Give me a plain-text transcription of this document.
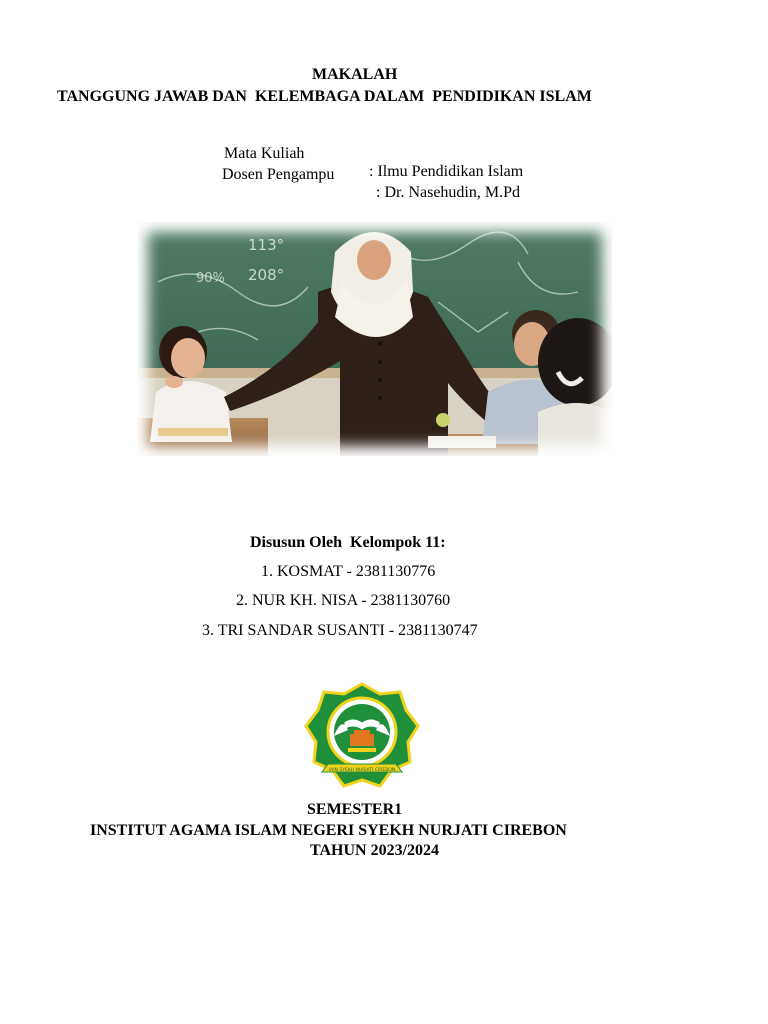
MAKALAH
TANGGUNG JAWAB DAN  KELEMBAGA DALAM  PENDIDIKAN ISLAM

Mata Kuliah

: Ilmu Pendidikan Islam

Dosen Pengampu

: Dr. Nasehudin, M.Pd

113°
208°
90%
Disusun Oleh  Kelompok 11:
1. KOSMAT - 2381130776
2. NUR KH. NISA - 2381130760
3. TRI SANDAR SUSANTI - 2381130747
IAIN SYEKH NURJATI CIREBON
SEMESTER1
INSTITUT AGAMA ISLAM NEGERI SYEKH NURJATI CIREBON
TAHUN 2023/2024
